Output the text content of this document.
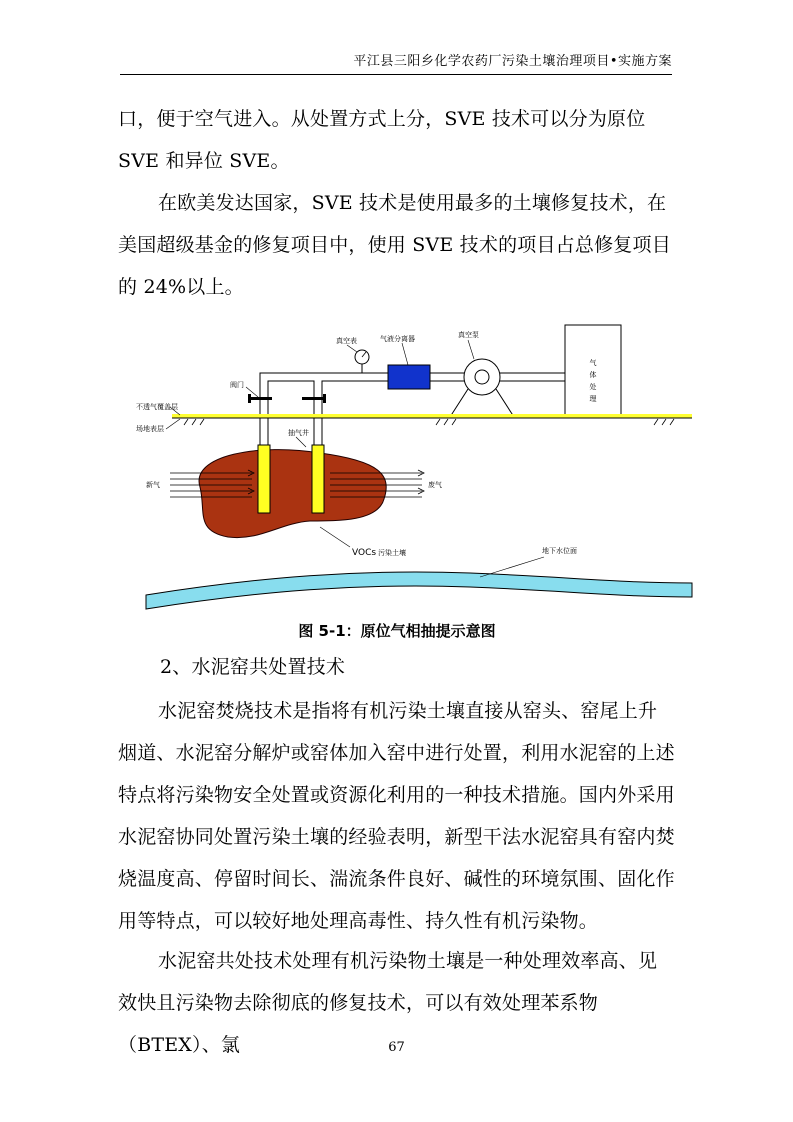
平江县三阳乡化学农药厂污染土壤治理项目•实施方案

口，便于空气进入。从处置方式上分，SVE 技术可以分为原位 SVE 和异位 SVE。

在欧美发达国家，SVE 技术是使用最多的土壤修复技术，在美国超级基金的修复项目中，使用 SVE 技术的项目占总修复项目的 24%以上。

气
体
处
理
阀门
真空表	气液分离器	真空泵
不透气覆盖层
场地表层	抽气井
新气	废气
VOCs 污染土壤	地下水位面
图 5-1：原位气相抽提示意图

2、水泥窑共处置技术

水泥窑焚烧技术是指将有机污染土壤直接从窑头、窑尾上升烟道、水泥窑分解炉或窑体加入窑中进行处置，利用水泥窑的上述特点将污染物安全处置或资源化利用的一种技术措施。国内外采用水泥窑协同处置污染土壤的经验表明，新型干法水泥窑具有窑内焚烧温度高、停留时间长、湍流条件良好、碱性的环境氛围、固化作用等特点，可以较好地处理高毒性、持久性有机污染物。

水泥窑共处技术处理有机污染物土壤是一种处理效率高、见效快且污染物去除彻底的修复技术，可以有效处理苯系物（BTEX）、氯	67
